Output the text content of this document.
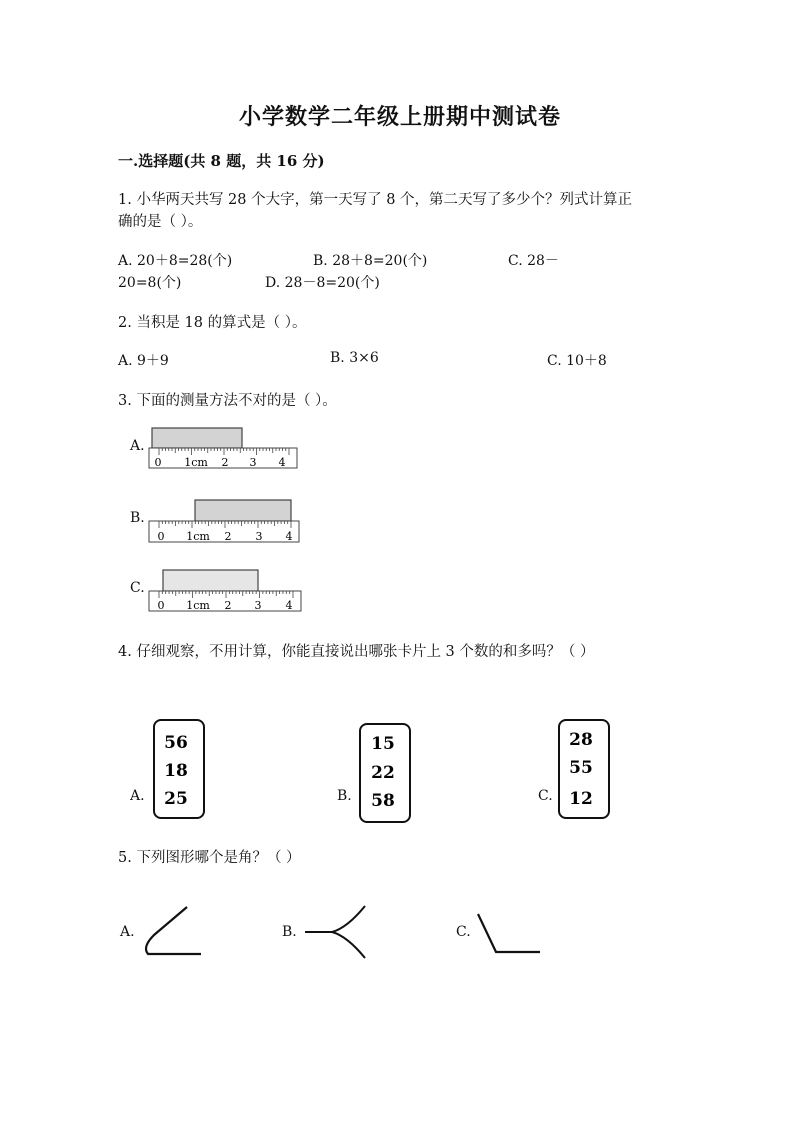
小学数学二年级上册期中测试卷
一.选择题(共 8 题，共 16 分)
1. 小华两天共写 28 个大字，第一天写了 8 个，第二天写了多少个？列式计算正
确的是（ ）。
A. 20＋8=28(个)	B. 28＋8=20(个)	C. 28－
20=8(个)	D. 28－8=20(个)
2. 当积是 18 的算式是（ ）。
A. 9＋9	B. 3×6	C. 10＋8
3. 下面的测量方法不对的是（ ）。
A.
0 1cm 2 3 4
B.
0 1cm 2 3 4
C.
0 1cm 2 3 4
4. 仔细观察，不用计算，你能直接说出哪张卡片上 3 个数的和多吗？（ ）
A.
56
18
25	B.
15
22
58	C.
28
55
12
5. 下列图形哪个是角？（ ）
A.	B.	C.
